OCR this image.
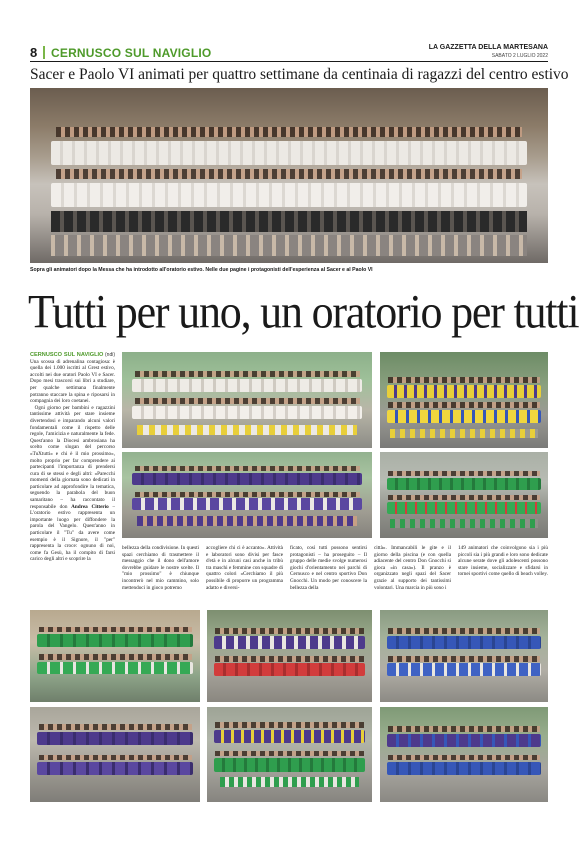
8 CERNUSCO SUL NAVIGLIO	LA GAZZETTA DELLA MARTESANA
SABATO 2 LUGLIO 2022
Sacer e Paolo VI animati per quattro settimane da centinaia di ragazzi del centro estivo
Sopra gli animatori dopo la Messa che ha introdotto all'oratorio estivo. Nelle due pagine i protagonisti dell'esperienza al Sacer e al Paolo VI
Tutti per uno, un oratorio per tutti
CERNUSCO SUL NAVIGLIO (ndi) Una scossa di adrenalina contagiosa: è quella dei 1.000 iscritti al Grest estivo, accolti nei due oratori Paolo VI e Sacer. Dopo mesi trascorsi sui libri a studiare, per qualche settimana finalmente potranno staccare la spina e riposarsi in compagnia dei loro coetanei.
Ogni giorno per bambini e ragazzini tantissime attività per stare insieme divertendosi e imparando alcuni valori fondamentali come il rispetto delle regole, l'amicizia e naturalmente la fede. Quest'anno la Diocesi ambrosiana ha scelto come slogan del percorso «TuXtutti» e chi è il mio prossimo», molto proprio per far comprendere ai partecipanti l'importanza di prendersi cura di se stessi e degli altri: «Parecchi momenti della giornata sono dedicati in particolare ad approfondire la tematica, seguendo la parabola del buon samaritano – ha raccontato il responsabile don Andrea Citterio – L'oratorio estivo rappresenta un importante luogo per diffondere la parola del Vangelo. Quest'anno in particolare il "Tu" da avere come esempio è il Signore, il "per" rappresenta la croce: ognuno di noi, come fa Gesù, ha il compito di farsi carico degli altri e scoprire la
bellezza della condivisione. In questi spazi cerchiamo di trasmettere il messaggio che il dono dell'amore dovrebbe guidare le nostre scelte. Il "mio prossimo" è chiunque incontrerò nel mio cammino, solo mettendoci in gioco potremo
accogliere chi ci è accanto». Attività e laboratori sono divisi per fasce d'età e in alcuni casi anche in tribù tra maschi e femmine con squadre di quattro colori «Cerchiamo il più possibile di proporre un programma adatto e diversi-
ficato, così tutti possono sentirsi protagonisti – ha proseguito – Il gruppo delle medie svolge numerosi giochi d'orientamento nei parchi di Cernusco e nel centro sportivo Don Gnocchi. Un modo per conoscere la bellezza della
città». Immancabili le gite e il giorno della piscina (e con quella adiacente del centro Don Gnocchi si gioca «in casa»). Il pranzo è organizzato negli spazi del Sacer grazie al supporto dei tantissimi volontari. Una marcia in più sono i
149 animatori che coinvolgono sia i più piccoli sia i più grandi e loro sono dedicate alcune serate dove gli adolescenti possono stare insieme, socializzare e sfidarsi in tornei sportivi come quello di beach volley.
